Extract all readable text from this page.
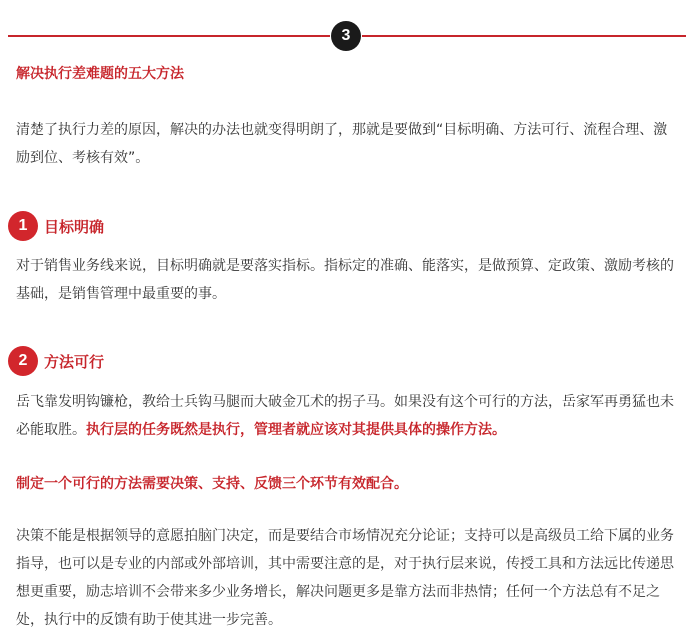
3

解决执行差难题的五大方法

清楚了执行力差的原因，解决的办法也就变得明朗了，那就是要做到“目标明确、方法可行、流程合理、激励到位、考核有效”。

1	目标明确

对于销售业务线来说，目标明确就是要落实指标。指标定的准确、能落实，是做预算、定政策、激励考核的基础，是销售管理中最重要的事。

2	方法可行

岳飞靠发明钩镰枪，教给士兵钩马腿而大破金兀术的拐子马。如果没有这个可行的方法，岳家军再勇猛也未必能取胜。执行层的任务既然是执行，管理者就应该对其提供具体的操作方法。

制定一个可行的方法需要决策、支持、反馈三个环节有效配合。

决策不能是根据领导的意愿拍脑门决定，而是要结合市场情况充分论证；支持可以是高级员工给下属的业务指导，也可以是专业的内部或外部培训，其中需要注意的是，对于执行层来说，传授工具和方法远比传递思想更重要，励志培训不会带来多少业务增长，解决问题更多是靠方法而非热情；任何一个方法总有不足之处，执行中的反馈有助于使其进一步完善。
